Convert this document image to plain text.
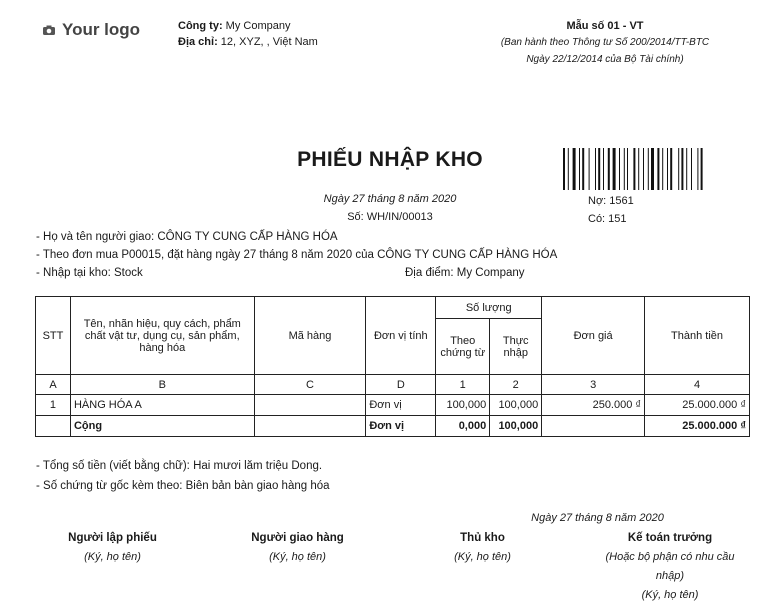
Your logo	Công ty: My Company
Địa chỉ: 12, XYZ, , Việt Nam
Mẫu số 01 - VT
(Ban hành theo Thông tư Số 200/2014/TT-BTC
Ngày 22/12/2014 của Bộ Tài chính)
PHIẾU NHẬP KHO
Ngày 27 tháng 8 năm 2020
Số: WH/IN/00013
Nợ: 1561
Có: 151
- Họ và tên người giao: CÔNG TY CUNG CẤP HÀNG HÓA
- Theo đơn mua P00015, đặt hàng ngày 27 tháng 8 năm 2020 của CÔNG TY CUNG CẤP HÀNG HÓA
- Nhập tại kho: Stock	Địa điểm: My Company
STT	Tên, nhãn hiệu, quy cách, phẩm chất vật tư, dụng cụ, sản phẩm, hàng hóa	Mã hàng	Đơn vị tính	Số lượng		Đơn giá	Thành tiền
				Theo chứng từ	Thực nhập		
A	B	C	D	1	2	3	4
1	HÀNG HÓA A		Đơn vị	100,000	100,000	250.000 ₫	25.000.000 ₫
	Cộng		Đơn vị	0,000	100,000		25.000.000 ₫
- Tổng số tiền (viết bằng chữ): Hai mươi lăm triệu Dong.
- Số chứng từ gốc kèm theo: Biên bản bàn giao hàng hóa
Ngày 27 tháng 8 năm 2020
Người lập phiếu
(Ký, họ tên)
Người giao hàng
(Ký, họ tên)
Thủ kho
(Ký, họ tên)
Kế toán trưởng
(Hoặc bộ phận có nhu cầu
nhập)
(Ký, họ tên)
